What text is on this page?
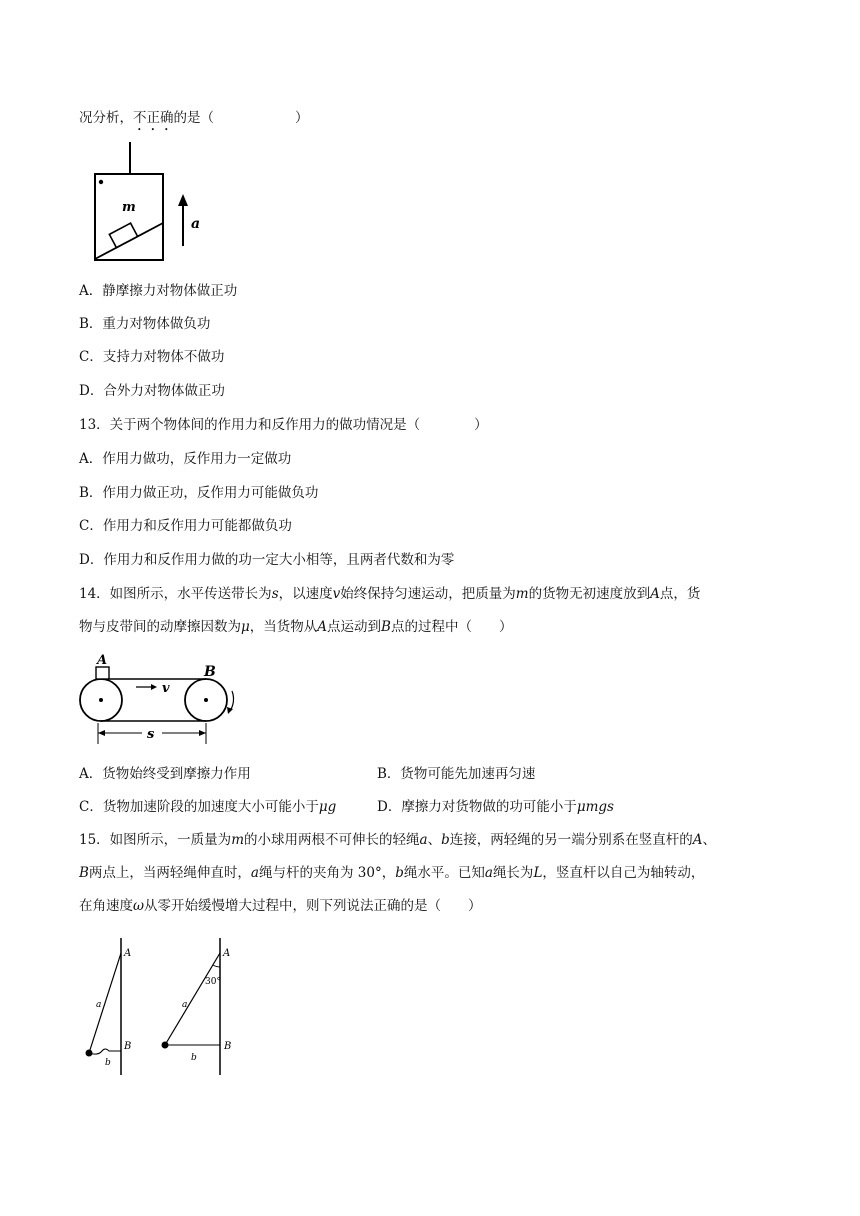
况分析，不正确的是（　　　　　　）
m
a
A．静摩擦力对物体做正功
B．重力对物体做负功
C．支持力对物体不做功
D．合外力对物体做正功
13．关于两个物体间的作用力和反作用力的做功情况是（　　　　）
A．作用力做功，反作用力一定做功
B．作用力做正功，反作用力可能做负功
C．作用力和反作用力可能都做负功
D．作用力和反作用力做的功一定大小相等，且两者代数和为零
14．如图所示，水平传送带长为s，以速度v始终保持匀速运动，把质量为m的货物无初速度放到A点，货
物与皮带间的动摩擦因数为μ，当货物从A点运动到B点的过程中（　　）
A
v
B
s
A．货物始终受到摩擦力作用	B．货物可能先加速再匀速
C．货物加速阶段的加速度大小可能小于μg	D．摩擦力对货物做的功可能小于μmgs
15．如图所示，一质量为m的小球用两根不可伸长的轻绳a、b连接，两轻绳的另一端分别系在竖直杆的A、
B两点上，当两轻绳伸直时，a绳与杆的夹角为 30°，b绳水平。已知a绳长为L，竖直杆以自己为轴转动，
在角速度ω从零开始缓慢增大过程中，则下列说法正确的是（　　）
A
B
a
b
A
B
30°
a
b
